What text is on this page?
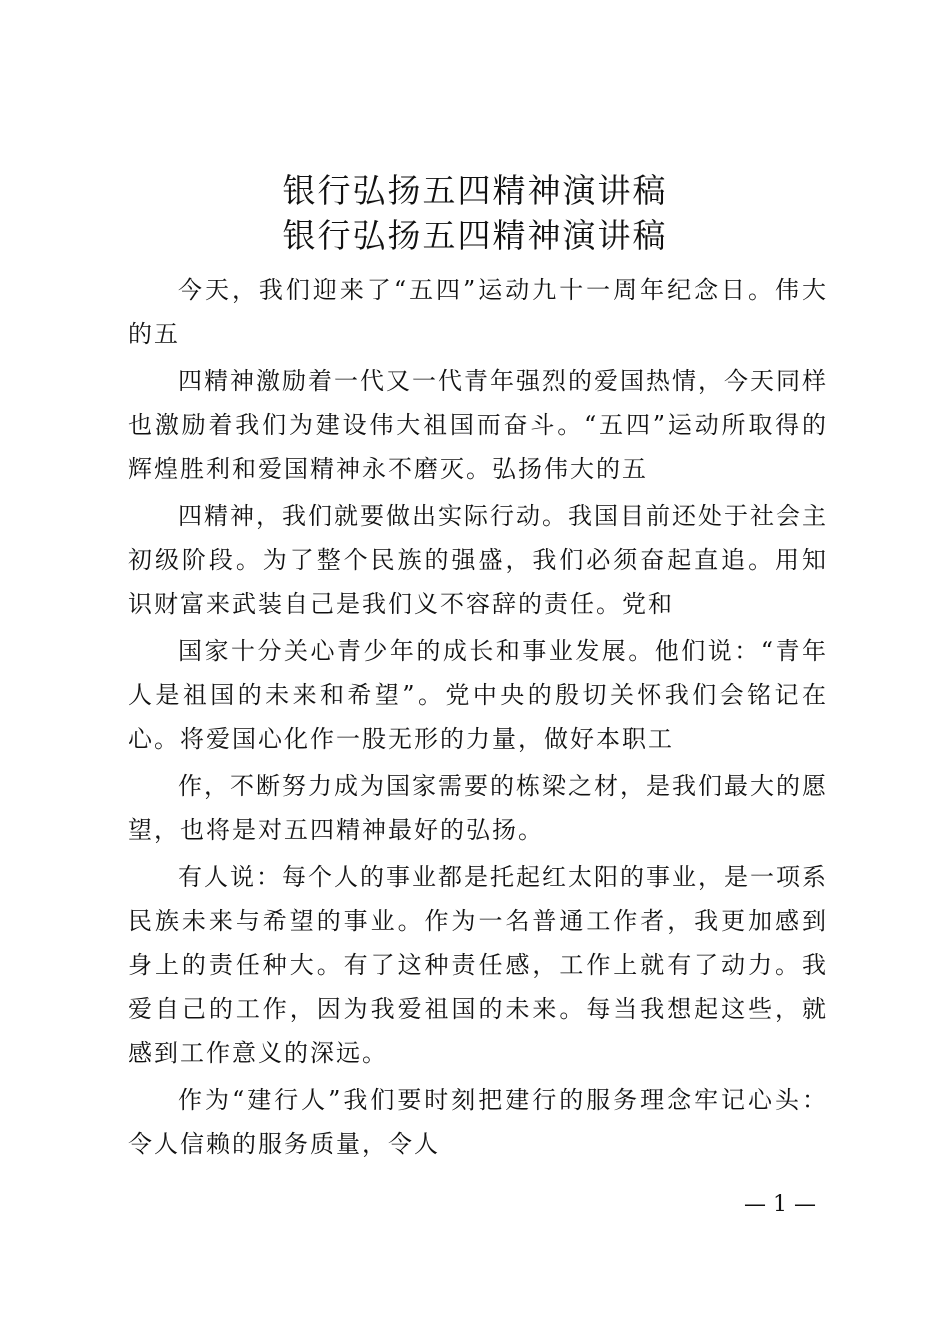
银行弘扬五四精神演讲稿
银行弘扬五四精神演讲稿

今天，我们迎来了“五四”运动九十一周年纪念日。伟大的五

四精神激励着一代又一代青年强烈的爱国热情，今天同样也激励着我们为建设伟大祖国而奋斗。“五四”运动所取得的辉煌胜利和爱国精神永不磨灭。弘扬伟大的五

四精神，我们就要做出实际行动。我国目前还处于社会主初级阶段。为了整个民族的强盛，我们必须奋起直追。用知识财富来武装自己是我们义不容辞的责任。党和

国家十分关心青少年的成长和事业发展。他们说：“青年人是祖国的未来和希望”。党中央的殷切关怀我们会铭记在心。将爱国心化作一股无形的力量，做好本职工

作，不断努力成为国家需要的栋梁之材，是我们最大的愿望，也将是对五四精神最好的弘扬。

有人说：每个人的事业都是托起红太阳的事业，是一项系民族未来与希望的事业。作为一名普通工作者，我更加感到身上的责任种大。有了这种责任感，工作上就有了动力。我爱自己的工作，因为我爱祖国的未来。每当我想起这些，就感到工作意义的深远。

作为“建行人”我们要时刻把建行的服务理念牢记心头：令人信赖的服务质量，令人

— 1 —
